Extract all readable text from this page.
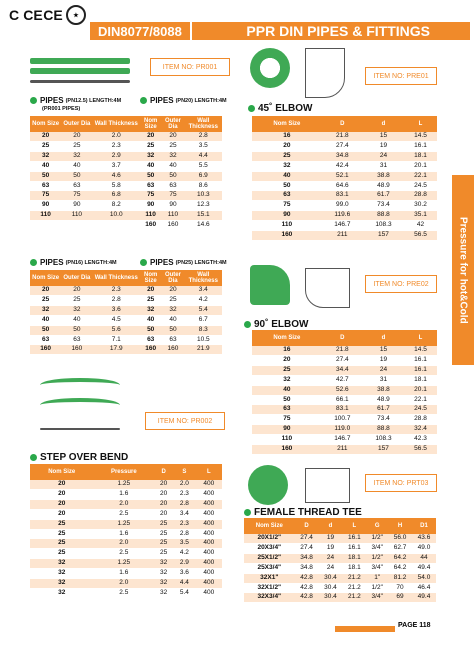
C CE CE	★
DIN8077/8088	PPR DIN PIPES & FITTINGS
Pressure for hot&Cold
ITEM NO: PR001
ITEM NO: PRE01
PIPES (PN12.5) LENGTH:4M
(PR001 PIPES)
Nom Size	Outer Dia	Wall Thickness
20	20	2.0
25	25	2.3
32	32	2.9
40	40	3.7
50	50	4.6
63	63	5.8
75	75	6.8
90	90	8.2
110	110	10.0
PIPES (PN20) LENGTH:4M
Nom Size	Outer Dia	Wall Thickness
20	20	2.8
25	25	3.5
32	32	4.4
40	40	5.5
50	50	6.9
63	63	8.6
75	75	10.3
90	90	12.3
110	110	15.1
160	160	14.6
45˚ ELBOW
Nom Size	D	d	L
16	21.8	15	14.5
20	27.4	19	16.1
25	34.8	24	18.1
32	42.4	31	20.1
40	52.1	38.8	22.1
50	64.6	48.9	24.5
63	83.1	61.7	28.8
75	99.0	73.4	30.2
90	119.6	88.8	35.1
110	146.7	108.3	42
160	211	157	56.5
PIPES (PN16) LENGTH:4M
Nom Size	Outer Dia	Wall Thickness
20	20	2.3
25	25	2.8
32	32	3.6
40	40	4.5
50	50	5.6
63	63	7.1
160	160	17.9
PIPES (PN25) LENGTH:4M
Nom Size	Outer Dia	Wall Thickness
20	20	3.4
25	25	4.2
32	32	5.4
40	40	6.7
50	50	8.3
63	63	10.5
160	160	21.9
ITEM NO: PRE02
90˚ ELBOW
Nom Size	D	d	L
16	21.8	15	14.5
20	27.4	19	16.1
25	34.4	24	16.1
32	42.7	31	18.1
40	52.6	38.8	20.1
50	66.1	48.9	22.1
63	83.1	61.7	24.5
75	100.7	73.4	28.8
90	119.0	88.8	32.4
110	146.7	108.3	42.3
160	211	157	56.5
ITEM NO: PR002
STEP OVER BEND
Nom Size	Pressure	D	S	L
20	1.25	20	2.0	400
20	1.6	20	2.3	400
20	2.0	20	2.8	400
20	2.5	20	3.4	400
25	1.25	25	2.3	400
25	1.6	25	2.8	400
25	2.0	25	3.5	400
25	2.5	25	4.2	400
32	1.25	32	2.9	400
32	1.6	32	3.6	400
32	2.0	32	4.4	400
32	2.5	32	5.4	400
ITEM NO: PRT03
FEMALE THREAD TEE
Nom Size	D	d	L	G	H	D1
20X1/2"	27.4	19	16.1	1/2"	56.0	43.6
20X3/4"	27.4	19	16.1	3/4"	62.7	49.0
25X1/2"	34.8	24	18.1	1/2"	64.2	44
25X3/4"	34.8	24	18.1	3/4"	64.2	49.4
32X1"	42.8	30.4	21.2	1"	81.2	54.0
32X1/2"	42.8	30.4	21.2	1/2"	70	46.4
32X3/4"	42.8	30.4	21.2	3/4"	69	49.4
PAGE 118
